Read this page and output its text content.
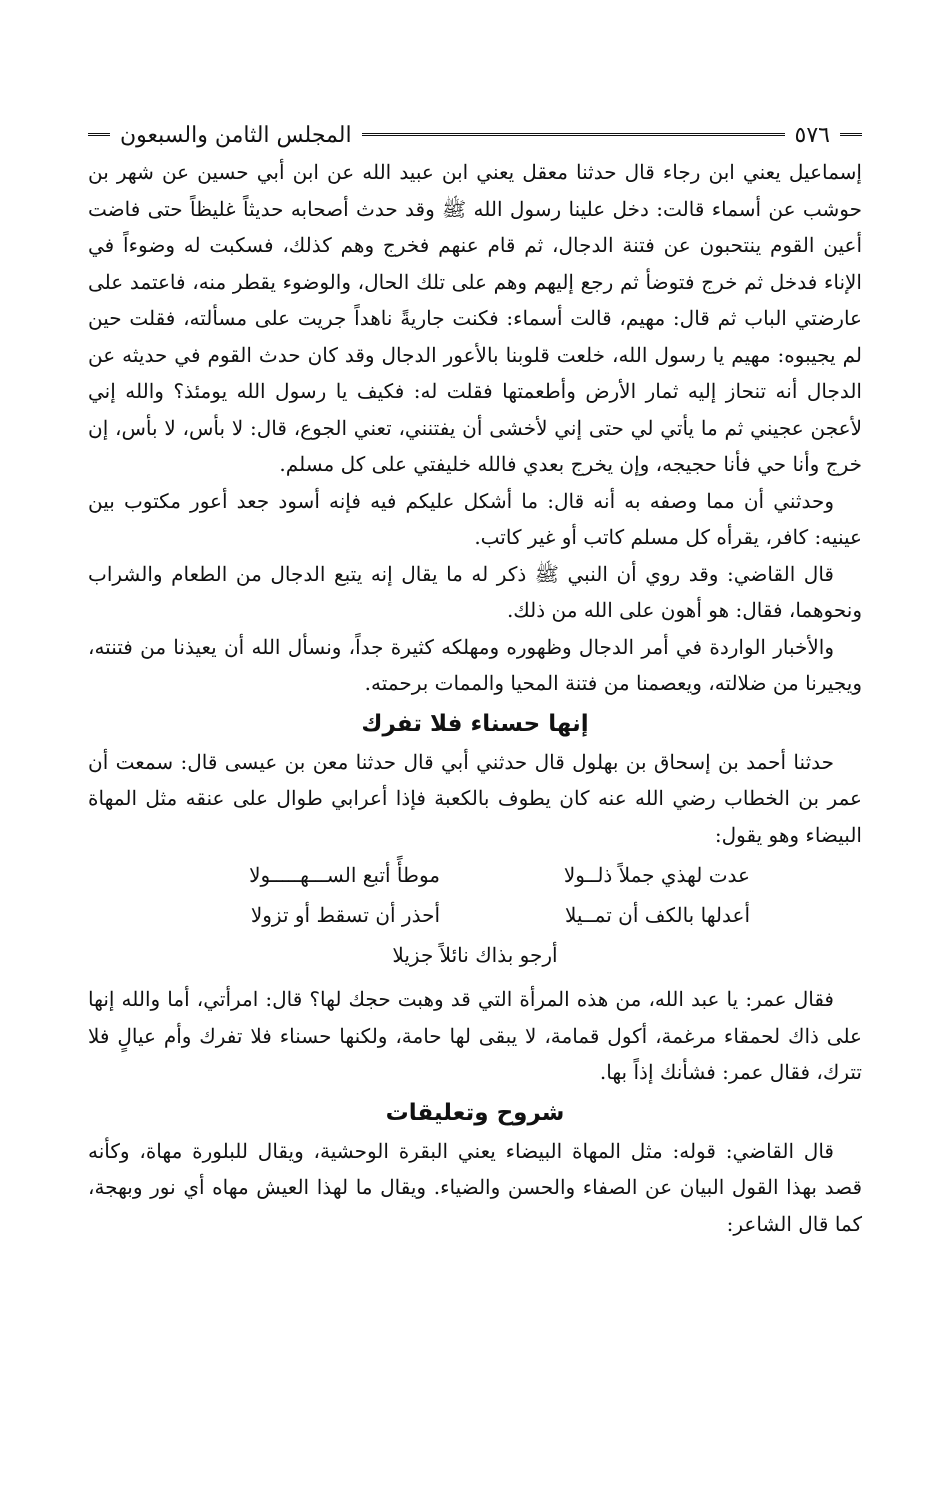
٥٧٦
المجلس الثامن والسبعون

إسماعيل يعني ابن رجاء قال حدثنا معقل يعني ابن عبيد الله عن ابن أبي حسين عن شهر بن حوشب عن أسماء قالت: دخل علينا رسول الله ﷺ وقد حدث أصحابه حديثاً غليظاً حتى فاضت أعين القوم ينتحبون عن فتنة الدجال، ثم قام عنهم فخرج وهم كذلك، فسكبت له وضوءاً في الإناء فدخل ثم خرج فتوضأ ثم رجع إليهم وهم على تلك الحال، والوضوء يقطر منه، فاعتمد على عارضتي الباب ثم قال: مهيم، قالت أسماء: فكنت جاريةً ناهداً جريت على مسألته، فقلت حين لم يجيبوه: مهيم يا رسول الله، خلعت قلوبنا بالأعور الدجال وقد كان حدث القوم في حديثه عن الدجال أنه تنحاز إليه ثمار الأرض وأطعمتها فقلت له: فكيف يا رسول الله يومئذ؟ والله إني لأعجن عجيني ثم ما يأتي لي حتى إني لأخشى أن يفتنني، تعني الجوع، قال: لا بأس، لا بأس، إن خرج وأنا حي فأنا حجيجه، وإن يخرج بعدي فالله خليفتي على كل مسلم.

وحدثني أن مما وصفه به أنه قال: ما أشكل عليكم فيه فإنه أسود جعد أعور مكتوب بين عينيه: كافر، يقرأه كل مسلم كاتب أو غير كاتب.

قال القاضي: وقد روي أن النبي ﷺ ذكر له ما يقال إنه يتبع الدجال من الطعام والشراب ونحوهما، فقال: هو أهون على الله من ذلك.

والأخبار الواردة في أمر الدجال وظهوره ومهلكه كثيرة جداً، ونسأل الله أن يعيذنا من فتنته، ويجيرنا من ضلالته، ويعصمنا من فتنة المحيا والممات برحمته.

إنها حسناء فلا تفرك

حدثنا أحمد بن إسحاق بن بهلول قال حدثني أبي قال حدثنا معن بن عيسى قال: سمعت أن عمر بن الخطاب رضي الله عنه كان يطوف بالكعبة فإذا أعرابي طوال على عنقه مثل المهاة البيضاء وهو يقول:

عدت لهذي جملاً ذلــولا
موطأً أتبع الســـهـــــولا
أعدلها بالكف أن تمــيلا
أحذر أن تسقط أو تزولا
أرجو بذاك نائلاً جزيلا

فقال عمر: يا عبد الله، من هذه المرأة التي قد وهبت حجك لها؟ قال: امرأتي، أما والله إنها على ذاك لحمقاء مرغمة، أكول قمامة، لا يبقى لها حامة، ولكنها حسناء فلا تفرك وأم عيالٍ فلا تترك، فقال عمر: فشأنك إذاً بها.

شروح وتعليقات

قال القاضي: قوله: مثل المهاة البيضاء يعني البقرة الوحشية، ويقال للبلورة مهاة، وكأنه قصد بهذا القول البيان عن الصفاء والحسن والضياء. ويقال ما لهذا العيش مهاه أي نور وبهجة، كما قال الشاعر:
